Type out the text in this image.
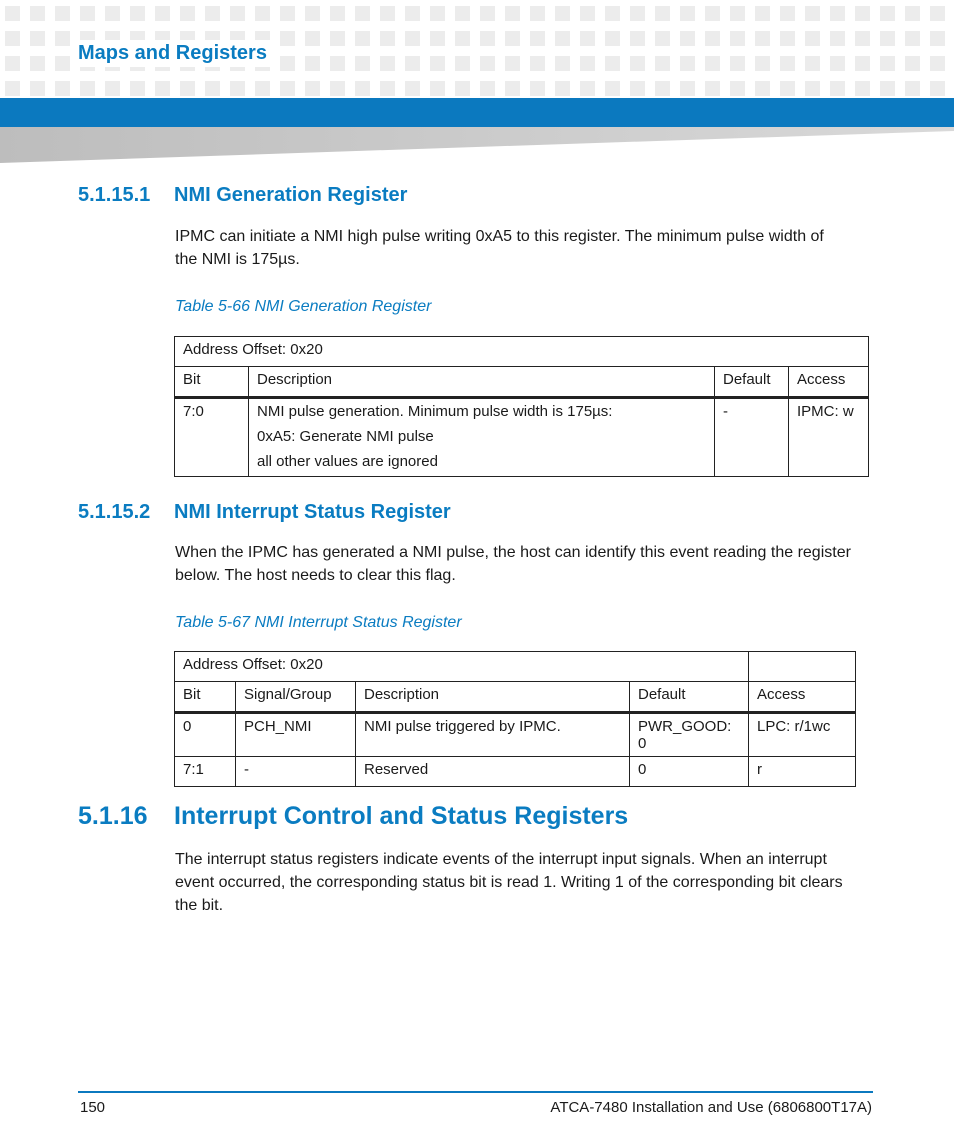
Maps and Registers
5.1.15.1 NMI Generation Register
IPMC can initiate a NMI high pulse writing 0xA5 to this register. The minimum pulse width of
the NMI is 175µs.
Table 5-66 NMI Generation Register
Address Offset: 0x20			
Bit	Description	Default	Access
7:0	NMI pulse generation. Minimum pulse width is 175µs:
0xA5: Generate NMI pulse
all other values are ignored	-	IPMC: w
5.1.15.2 NMI Interrupt Status Register
When the IPMC has generated a NMI pulse, the host can identify this event reading the register
below. The host needs to clear this flag.
Table 5-67 NMI Interrupt Status Register
Address Offset: 0x20				
Bit	Signal/Group	Description	Default	Access
0	PCH_NMI	NMI pulse triggered by IPMC.	PWR_GOOD: 0	LPC: r/1wc
7:1	-	Reserved	0	r
5.1.16 Interrupt Control and Status Registers
The interrupt status registers indicate events of the interrupt input signals. When an interrupt
event occurred, the corresponding status bit is read 1. Writing 1 of the corresponding bit clears
the bit.
150	ATCA-7480 Installation and Use (6806800T17A)
